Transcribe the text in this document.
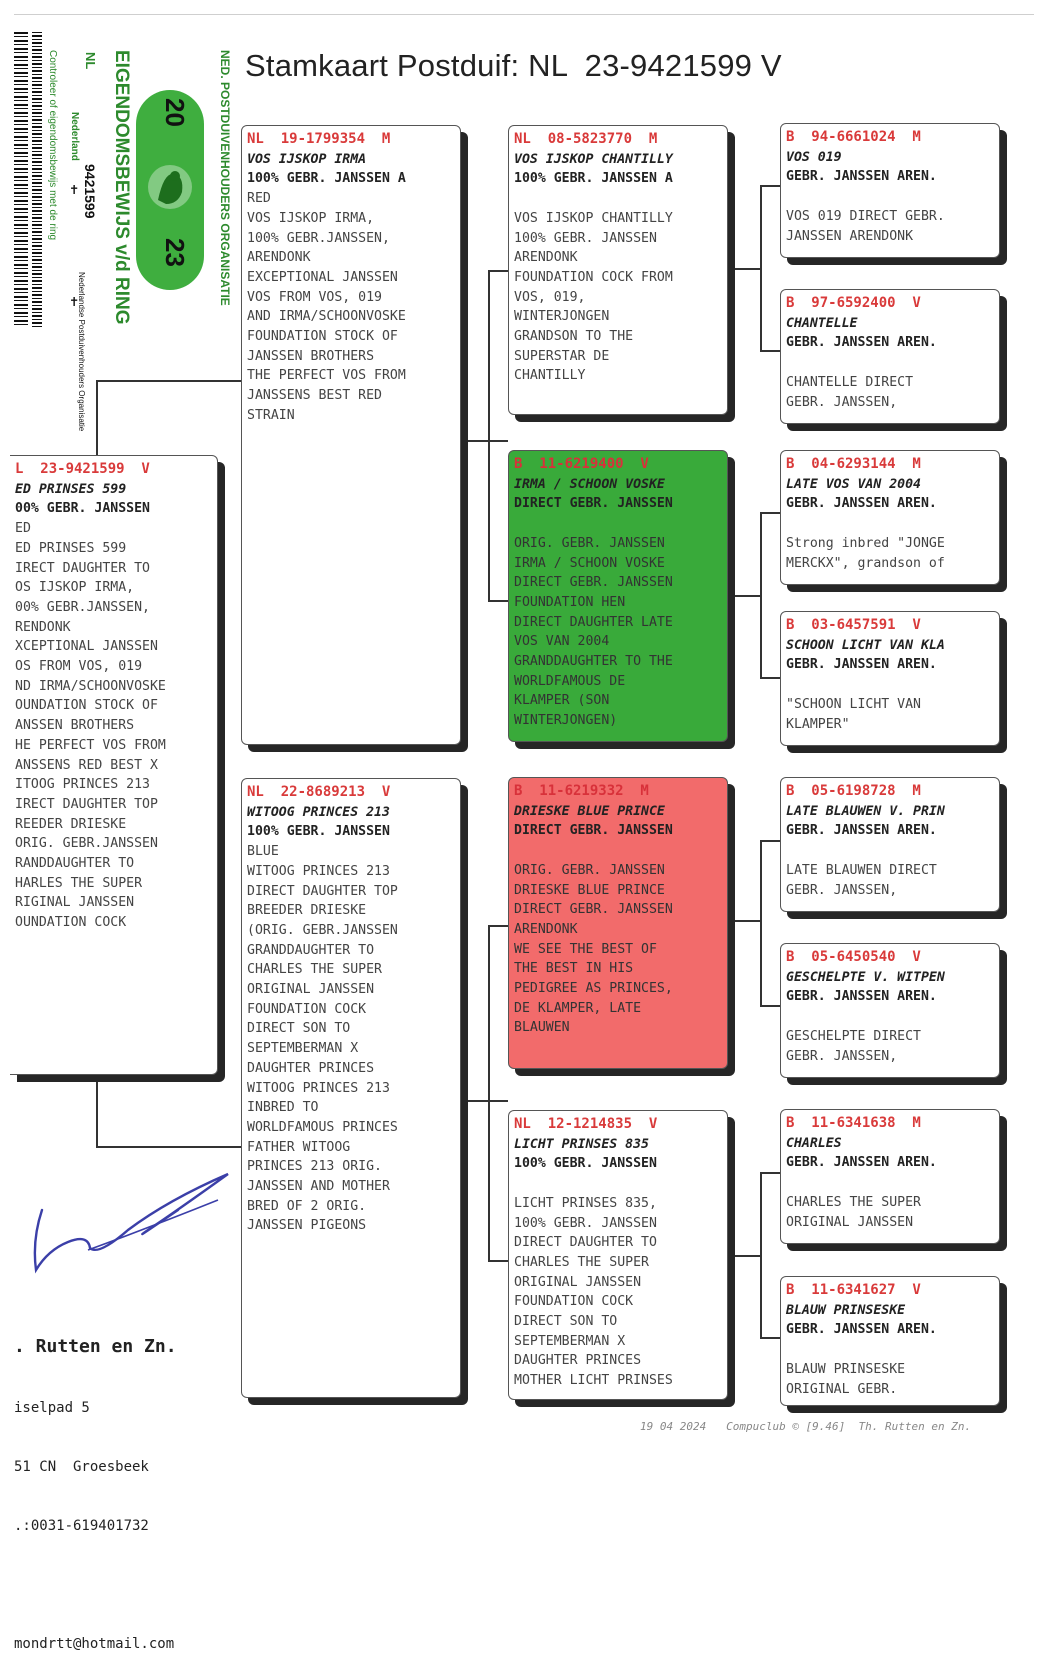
Stamkaart Postduif: NL  23-9421599 V
Controleer of eigendomsbewijs met de ring NL
Nederland
9421599 EIGENDOMSBEWIJS v/d RING 20
23 NED. POSTDUIVENHOUDERS ORGANISATIE
Nederlandse Postduivenhouders Organisatie
✝
✝
L  23-9421599  V
ED PRINSES 599
00% GEBR. JANSSEN
ED
ED PRINSES 599
IRECT DAUGHTER TO
OS IJSKOP IRMA,
00% GEBR.JANSSEN,
RENDONK
XCEPTIONAL JANSSEN
OS FROM VOS, 019
ND IRMA/SCHOONVOSKE
OUNDATION STOCK OF
ANSSEN BROTHERS
HE PERFECT VOS FROM
ANSSENS RED BEST X
ITOOG PRINCES 213
IRECT DAUGHTER TOP
REEDER DRIESKE
ORIG. GEBR.JANSSEN
RANDDAUGHTER TO
HARLES THE SUPER
RIGINAL JANSSEN
OUNDATION COCK
NL  19-1799354  M
VOS IJSKOP IRMA
100% GEBR. JANSSEN A
RED
VOS IJSKOP IRMA,
100% GEBR.JANSSEN,
ARENDONK
EXCEPTIONAL JANSSEN
VOS FROM VOS, 019
AND IRMA/SCHOONVOSKE
FOUNDATION STOCK OF
JANSSEN BROTHERS
THE PERFECT VOS FROM
JANSSENS BEST RED
STRAIN
NL  22-8689213  V
WITOOG PRINCES 213
100% GEBR. JANSSEN
BLUE
WITOOG PRINCES 213
DIRECT DAUGHTER TOP
BREEDER DRIESKE
(ORIG. GEBR.JANSSEN
GRANDDAUGHTER TO
CHARLES THE SUPER
ORIGINAL JANSSEN
FOUNDATION COCK
DIRECT SON TO
SEPTEMBERMAN X
DAUGHTER PRINCES
WITOOG PRINCES 213
INBRED TO
WORLDFAMOUS PRINCES
FATHER WITOOG
PRINCES 213 ORIG.
JANSSEN AND MOTHER
BRED OF 2 ORIG.
JANSSEN PIGEONS
NL  08-5823770  M
VOS IJSKOP CHANTILLY
100% GEBR. JANSSEN A
VOS IJSKOP CHANTILLY
100% GEBR. JANSSEN
ARENDONK
FOUNDATION COCK FROM
VOS, 019,
WINTERJONGEN
GRANDSON TO THE
SUPERSTAR DE
CHANTILLY
B  11-6219400  V
IRMA / SCHOON VOSKE
DIRECT GEBR. JANSSEN
ORIG. GEBR. JANSSEN
IRMA / SCHOON VOSKE
DIRECT GEBR. JANSSEN
FOUNDATION HEN
DIRECT DAUGHTER LATE
VOS VAN 2004
GRANDDAUGHTER TO THE
WORLDFAMOUS DE
KLAMPER (SON
WINTERJONGEN)
B  11-6219332  M
DRIESKE BLUE PRINCE
DIRECT GEBR. JANSSEN
ORIG. GEBR. JANSSEN
DRIESKE BLUE PRINCE
DIRECT GEBR. JANSSEN
ARENDONK
WE SEE THE BEST OF
THE BEST IN HIS
PEDIGREE AS PRINCES,
DE KLAMPER, LATE
BLAUWEN
NL  12-1214835  V
LICHT PRINSES 835
100% GEBR. JANSSEN
LICHT PRINSES 835,
100% GEBR. JANSSEN
DIRECT DAUGHTER TO
CHARLES THE SUPER
ORIGINAL JANSSEN
FOUNDATION COCK
DIRECT SON TO
SEPTEMBERMAN X
DAUGHTER PRINCES
MOTHER LICHT PRINSES
B  94-6661024  M
VOS 019
GEBR. JANSSEN AREN.
VOS 019 DIRECT GEBR.
JANSSEN ARENDONK
B  97-6592400  V
CHANTELLE
GEBR. JANSSEN AREN.
CHANTELLE DIRECT
GEBR. JANSSEN,
B  04-6293144  M
LATE VOS VAN 2004
GEBR. JANSSEN AREN.
Strong inbred "JONGE
MERCKX", grandson of
B  03-6457591  V
SCHOON LICHT VAN KLA
GEBR. JANSSEN AREN.
"SCHOON LICHT VAN
KLAMPER"
B  05-6198728  M
LATE BLAUWEN V. PRIN
GEBR. JANSSEN AREN.
LATE BLAUWEN DIRECT
GEBR. JANSSEN,
B  05-6450540  V
GESCHELPTE V. WITPEN
GEBR. JANSSEN AREN.
GESCHELPTE DIRECT
GEBR. JANSSEN,
B  11-6341638  M
CHARLES
GEBR. JANSSEN AREN.
CHARLES THE SUPER
ORIGINAL JANSSEN
B  11-6341627  V
BLAUW PRINSESKE
GEBR. JANSSEN AREN.
BLAUW PRINSESKE
ORIGINAL GEBR.

. Rutten en Zn.

iselpad 5

51 CN  Groesbeek

.:0031-619401732

mondrtt@hotmail.com

19 04 2024   Compuclub © [9.46]  Th. Rutten en Zn.
